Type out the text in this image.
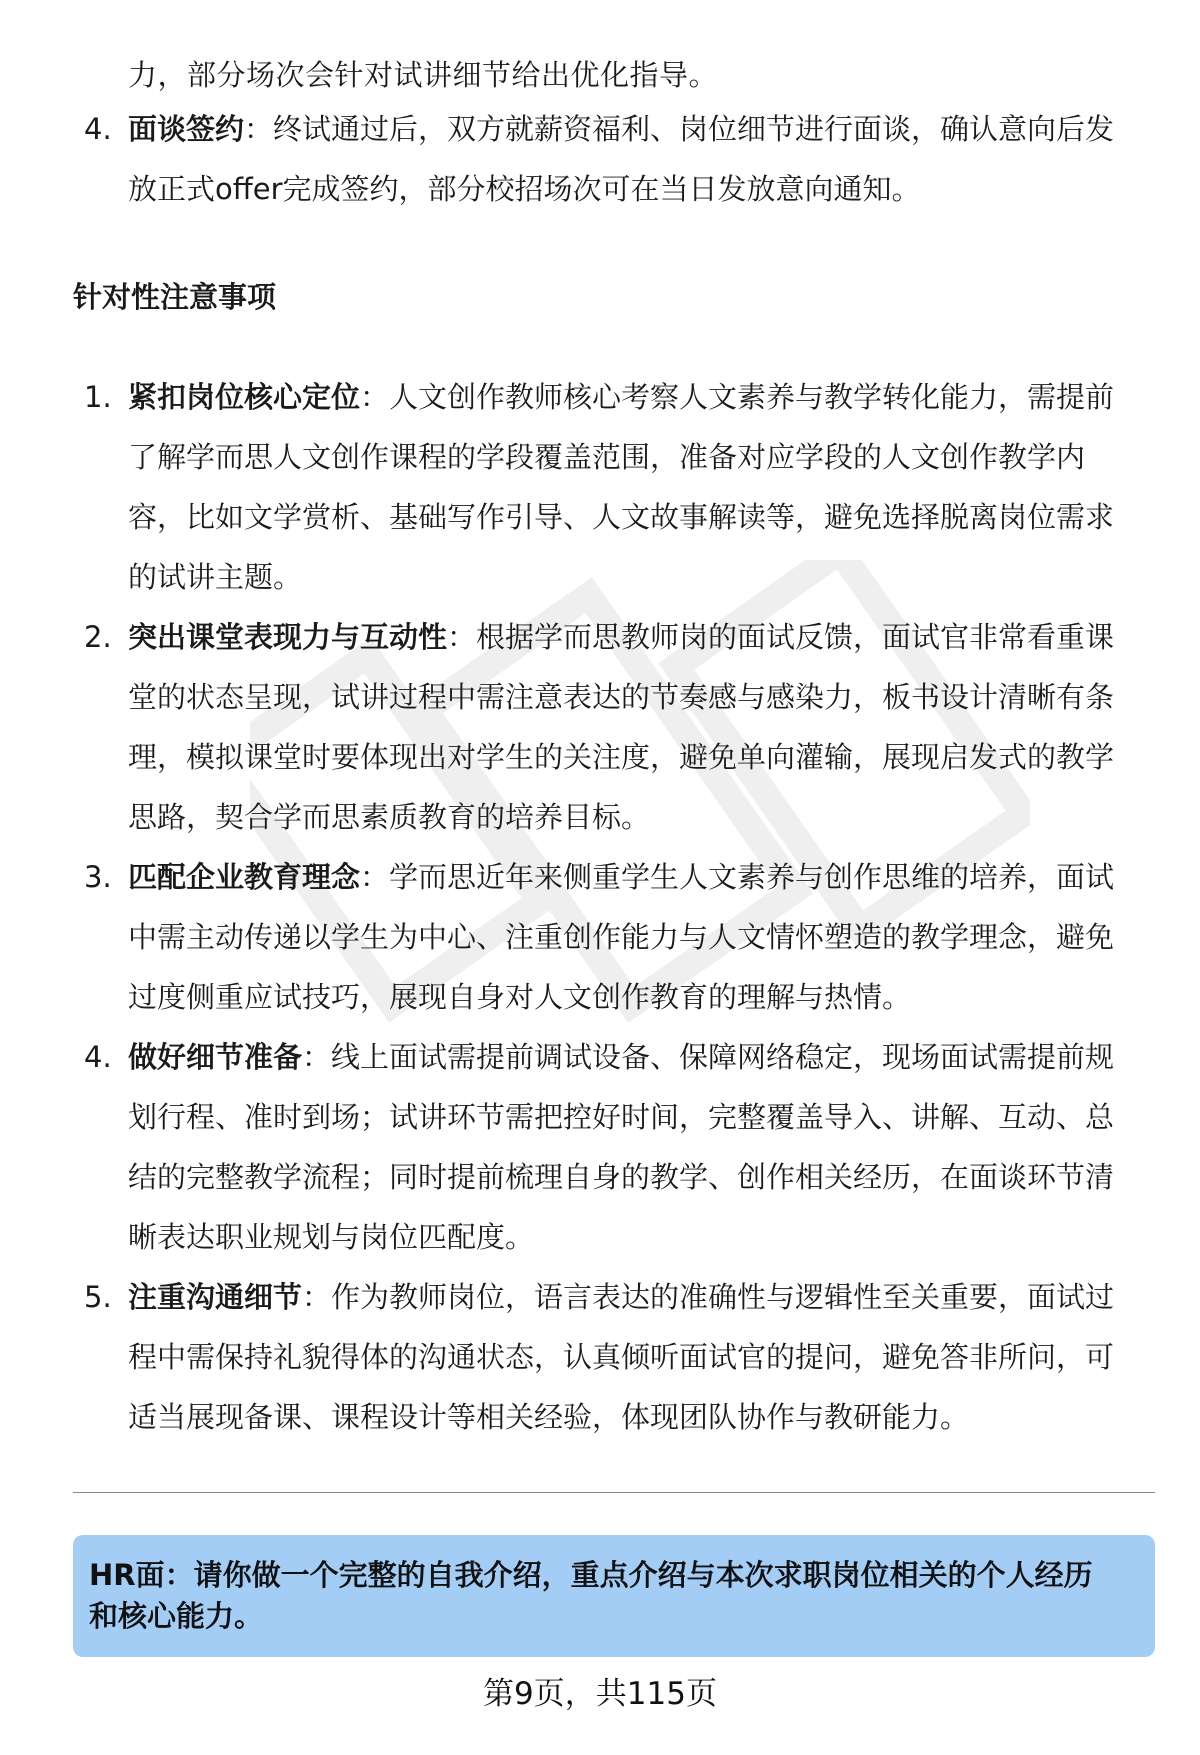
力，部分场次会针对试讲细节给出优化指导。
4. 面谈签约：终试通过后，双方就薪资福利、岗位细节进行面谈，确认意向后发
放正式offer完成签约，部分校招场次可在当日发放意向通知。
针对性注意事项
1. 紧扣岗位核心定位：人文创作教师核心考察人文素养与教学转化能力，需提前
了解学而思人文创作课程的学段覆盖范围，准备对应学段的人文创作教学内
容，比如文学赏析、基础写作引导、人文故事解读等，避免选择脱离岗位需求
的试讲主题。
2. 突出课堂表现力与互动性：根据学而思教师岗的面试反馈，面试官非常看重课
堂的状态呈现，试讲过程中需注意表达的节奏感与感染力，板书设计清晰有条
理，模拟课堂时要体现出对学生的关注度，避免单向灌输，展现启发式的教学
思路，契合学而思素质教育的培养目标。
3. 匹配企业教育理念：学而思近年来侧重学生人文素养与创作思维的培养，面试
中需主动传递以学生为中心、注重创作能力与人文情怀塑造的教学理念，避免
过度侧重应试技巧，展现自身对人文创作教育的理解与热情。
4. 做好细节准备：线上面试需提前调试设备、保障网络稳定，现场面试需提前规
划行程、准时到场；试讲环节需把控好时间，完整覆盖导入、讲解、互动、总
结的完整教学流程；同时提前梳理自身的教学、创作相关经历，在面谈环节清
晰表达职业规划与岗位匹配度。
5. 注重沟通细节：作为教师岗位，语言表达的准确性与逻辑性至关重要，面试过
程中需保持礼貌得体的沟通状态，认真倾听面试官的提问，避免答非所问，可
适当展现备课、课程设计等相关经验，体现团队协作与教研能力。
HR面：请你做一个完整的自我介绍，重点介绍与本次求职岗位相关的个人经历
和核心能力。
第9页，共115页
